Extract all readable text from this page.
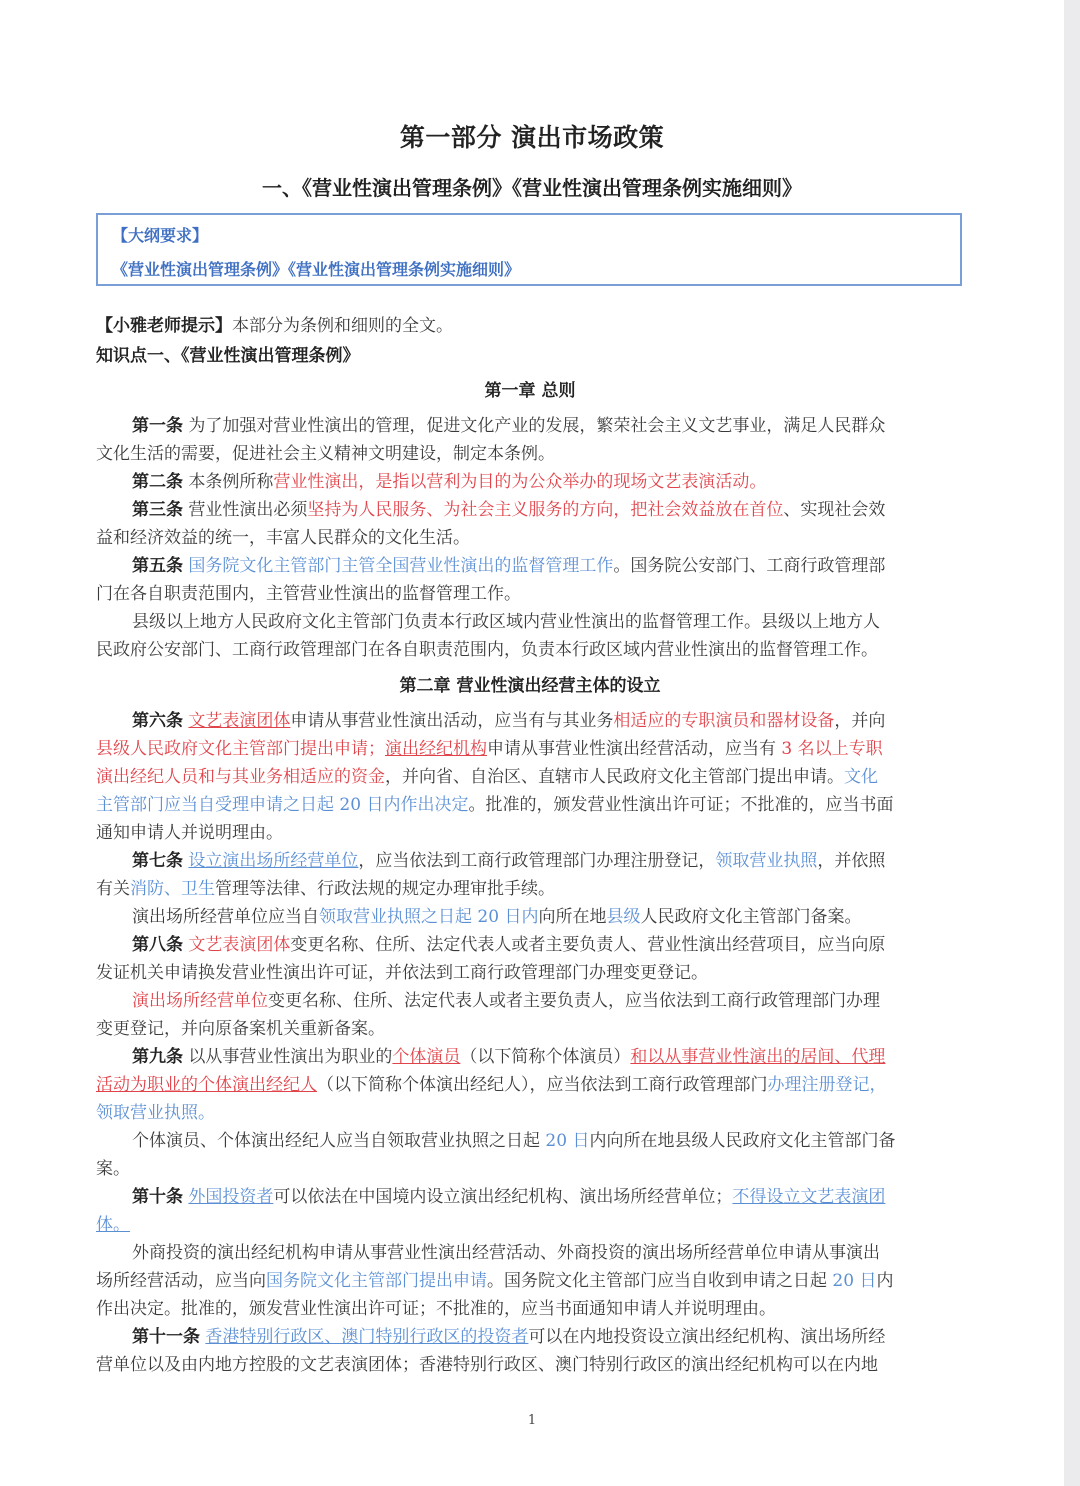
第一部分 演出市场政策
一、《营业性演出管理条例》《营业性演出管理条例实施细则》
【大纲要求】
《营业性演出管理条例》《营业性演出管理条例实施细则》
【小雅老师提示】本部分为条例和细则的全文。
知识点一、《营业性演出管理条例》
第一章 总则
第一条 为了加强对营业性演出的管理，促进文化产业的发展，繁荣社会主义文艺事业，满足人民群众
文化生活的需要，促进社会主义精神文明建设，制定本条例。
第二条 本条例所称营业性演出，是指以营利为目的为公众举办的现场文艺表演活动。
第三条 营业性演出必须坚持为人民服务、为社会主义服务的方向，把社会效益放在首位、实现社会效
益和经济效益的统一，丰富人民群众的文化生活。
第五条 国务院文化主管部门主管全国营业性演出的监督管理工作。国务院公安部门、工商行政管理部
门在各自职责范围内，主管营业性演出的监督管理工作。
县级以上地方人民政府文化主管部门负责本行政区域内营业性演出的监督管理工作。县级以上地方人
民政府公安部门、工商行政管理部门在各自职责范围内，负责本行政区域内营业性演出的监督管理工作。
第二章 营业性演出经营主体的设立
第六条 文艺表演团体申请从事营业性演出活动，应当有与其业务相适应的专职演员和器材设备，并向
县级人民政府文化主管部门提出申请；演出经纪机构申请从事营业性演出经营活动，应当有 3 名以上专职
演出经纪人员和与其业务相适应的资金，并向省、自治区、直辖市人民政府文化主管部门提出申请。文化
主管部门应当自受理申请之日起 20 日内作出决定。批准的，颁发营业性演出许可证；不批准的，应当书面
通知申请人并说明理由。
第七条 设立演出场所经营单位，应当依法到工商行政管理部门办理注册登记，领取营业执照，并依照
有关消防、卫生管理等法律、行政法规的规定办理审批手续。
演出场所经营单位应当自领取营业执照之日起 20 日内向所在地县级人民政府文化主管部门备案。
第八条 文艺表演团体变更名称、住所、法定代表人或者主要负责人、营业性演出经营项目，应当向原
发证机关申请换发营业性演出许可证，并依法到工商行政管理部门办理变更登记。
演出场所经营单位变更名称、住所、法定代表人或者主要负责人，应当依法到工商行政管理部门办理
变更登记，并向原备案机关重新备案。
第九条 以从事营业性演出为职业的个体演员（以下简称个体演员）和以从事营业性演出的居间、代理
活动为职业的个体演出经纪人（以下简称个体演出经纪人），应当依法到工商行政管理部门办理注册登记，
领取营业执照。
个体演员、个体演出经纪人应当自领取营业执照之日起 20 日内向所在地县级人民政府文化主管部门备
案。
第十条 外国投资者可以依法在中国境内设立演出经纪机构、演出场所经营单位；不得设立文艺表演团
体。
外商投资的演出经纪机构申请从事营业性演出经营活动、外商投资的演出场所经营单位申请从事演出
场所经营活动，应当向国务院文化主管部门提出申请。国务院文化主管部门应当自收到申请之日起 20 日内
作出决定。批准的，颁发营业性演出许可证；不批准的，应当书面通知申请人并说明理由。
第十一条 香港特别行政区、澳门特别行政区的投资者可以在内地投资设立演出经纪机构、演出场所经
营单位以及由内地方控股的文艺表演团体；香港特别行政区、澳门特别行政区的演出经纪机构可以在内地
1
